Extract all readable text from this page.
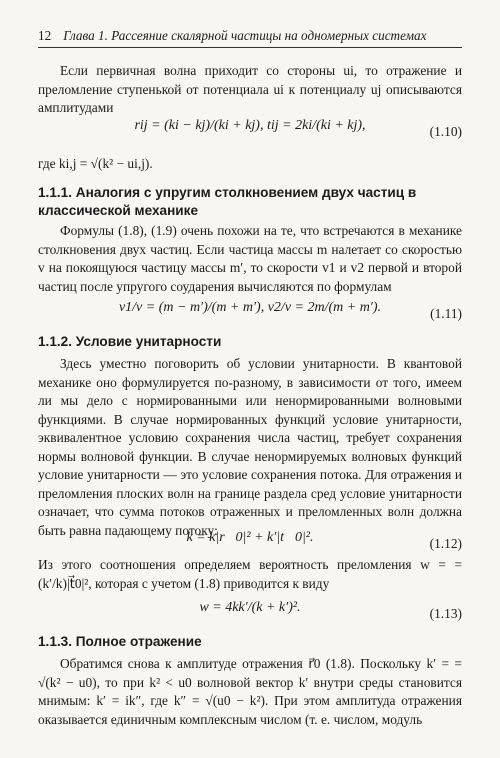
12 Глава 1. Рассеяние скалярной частицы на одномерных системах

Если первичная волна приходит со стороны ui, то отражение и преломление ступенькой от потенциала ui к потенциалу uj описываются амплитудами

rij = (ki − kj)/(ki + kj), tij = 2ki/(ki + kj),	(1.10)

где ki,j = √(k² − ui,j).

1.1.1. Аналогия с упругим столкновением двух частиц в классической механике

Формулы (1.8), (1.9) очень похожи на те, что встречаются в механике столкновения двух частиц. Если частица массы m налетает со скоростью v на покоящуюся частицу массы m′, то скорости v1 и v2 первой и второй частиц после упругого соударения вычисляются по формулам

v1/v = (m − m′)/(m + m′), v2/v = 2m/(m + m′).	(1.11)
1.1.2. Условие унитарности

Здесь уместно поговорить об условии унитарности. В квантовой механике оно формулируется по-разному, в зависимости от того, имеем ли мы дело с нормированными или ненормированными волновыми функциями. В случае нормированных функций условие унитарности, эквивалентное условию сохранения числа частиц, требует сохранения нормы волновой функции. В случае ненормируемых волновых функций условие унитарности — это условие сохранения потока. Для отражения и преломления плоских волн на границе раздела сред условие унитарности означает, что сумма потоков отраженных и преломленных волн должна быть равна падающему потоку:

k = k|r⃗0|² + k′|t⃗0|².	(1.12)

Из этого соотношения определяем вероятность преломления w = = (k′/k)|t⃗0|², которая с учетом (1.8) приводится к виду

w = 4kk′/(k + k′)².	(1.13)
1.1.3. Полное отражение

Обратимся снова к амплитуде отражения r⃗0 (1.8). Поскольку k′ = = √(k² − u0), то при k² < u0 волновой вектор k′ внутри среды становится мнимым: k′ = ik″, где k″ = √(u0 − k²). При этом амплитуда отражения оказывается единичным комплексным числом (т. е. числом, модуль
